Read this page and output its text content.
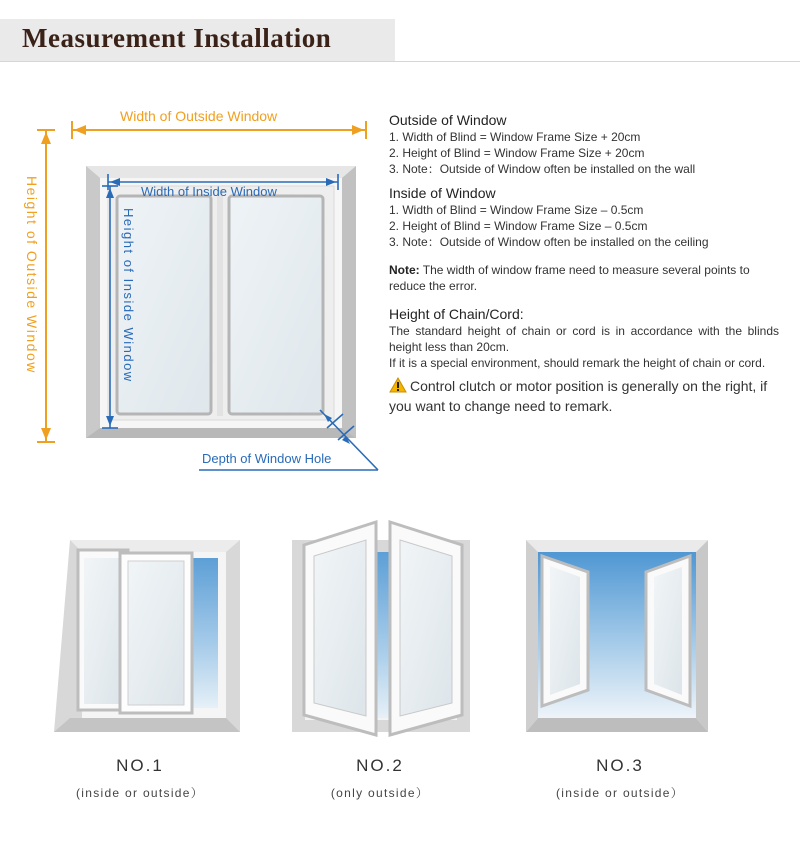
Measurement Installation
Width of Outside Window
Height of Outside Window	Width of Inside Window
Height of Inside Window
Depth of Window Hole
Outside of Window
1. Width of Blind = Window Frame Size + 20cm
2. Height of Blind = Window Frame Size + 20cm
3. Note：Outside of Window often be installed on the wall
Inside of Window
1. Width of Blind = Window Frame Size – 0.5cm
2. Height of Blind = Window Frame Size – 0.5cm
3. Note：Outside of Window often be installed on the ceiling
Note: The width of window frame need to measure several points to reduce the error.
Height of Chain/Cord:
The standard height of chain or cord is in accordance with the blinds height less than 20cm.
If it is a special environment, should remark the height of chain or cord.
Control clutch or motor position is generally on the right, if you want to change need to remark.
NO.1
(inside or outside）
NO.2
(only outside）
NO.3
(inside or outside）
